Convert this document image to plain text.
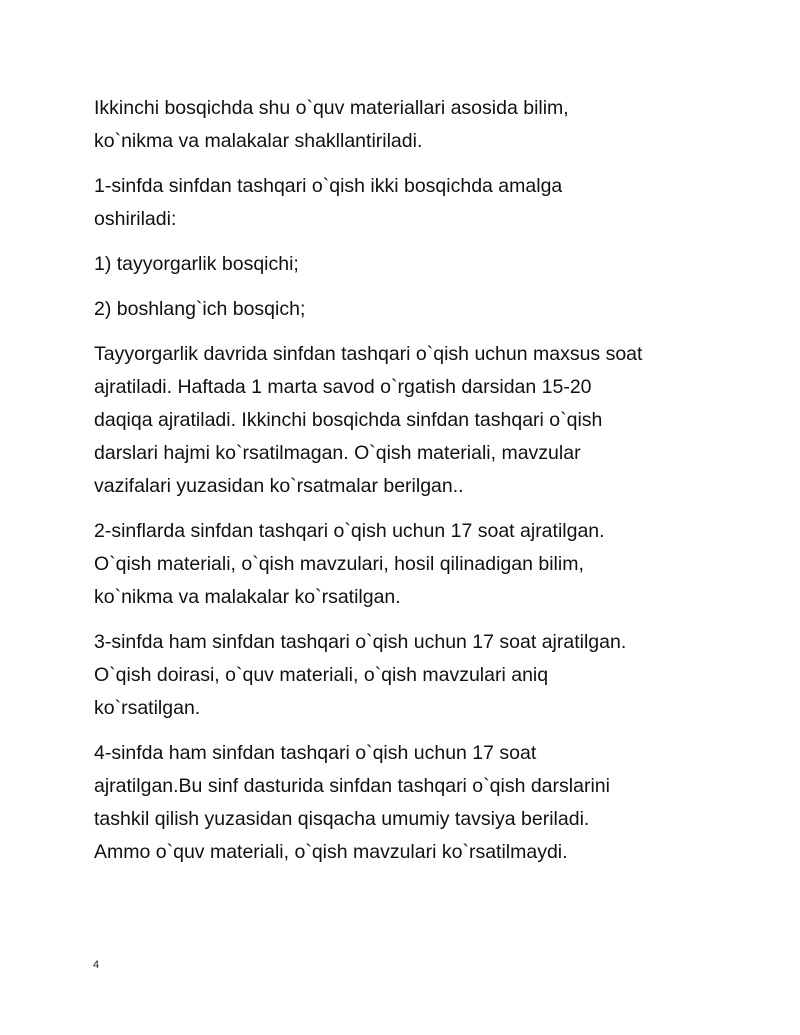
Ikkinchi bosqichda shu o`quv materiallari asosida bilim,
ko`nikma va malakalar shakllantiriladi.

1-sinfda sinfdan tashqari o`qish ikki bosqichda amalga
oshiriladi:

1) tayyorgarlik bosqichi;

2) boshlang`ich bosqich;

Tayyorgarlik davrida sinfdan tashqari o`qish uchun maxsus soat
ajratiladi. Haftada 1 marta savod o`rgatish darsidan 15-20
daqiqa ajratiladi. Ikkinchi bosqichda sinfdan tashqari o`qish
darslari hajmi ko`rsatilmagan. O`qish materiali, mavzular
vazifalari yuzasidan ko`rsatmalar berilgan..

2-sinflarda sinfdan tashqari o`qish uchun 17 soat ajratilgan.
O`qish materiali, o`qish mavzulari, hosil qilinadigan bilim,
ko`nikma va malakalar ko`rsatilgan.

3-sinfda ham sinfdan tashqari o`qish uchun 17 soat ajratilgan.
O`qish doirasi, o`quv materiali, o`qish mavzulari aniq
ko`rsatilgan.

4-sinfda ham sinfdan tashqari o`qish uchun 17 soat
ajratilgan.Bu sinf dasturida sinfdan tashqari o`qish darslarini
tashkil qilish yuzasidan qisqacha umumiy tavsiya beriladi.
Ammo o`quv materiali, o`qish mavzulari ko`rsatilmaydi.

4
